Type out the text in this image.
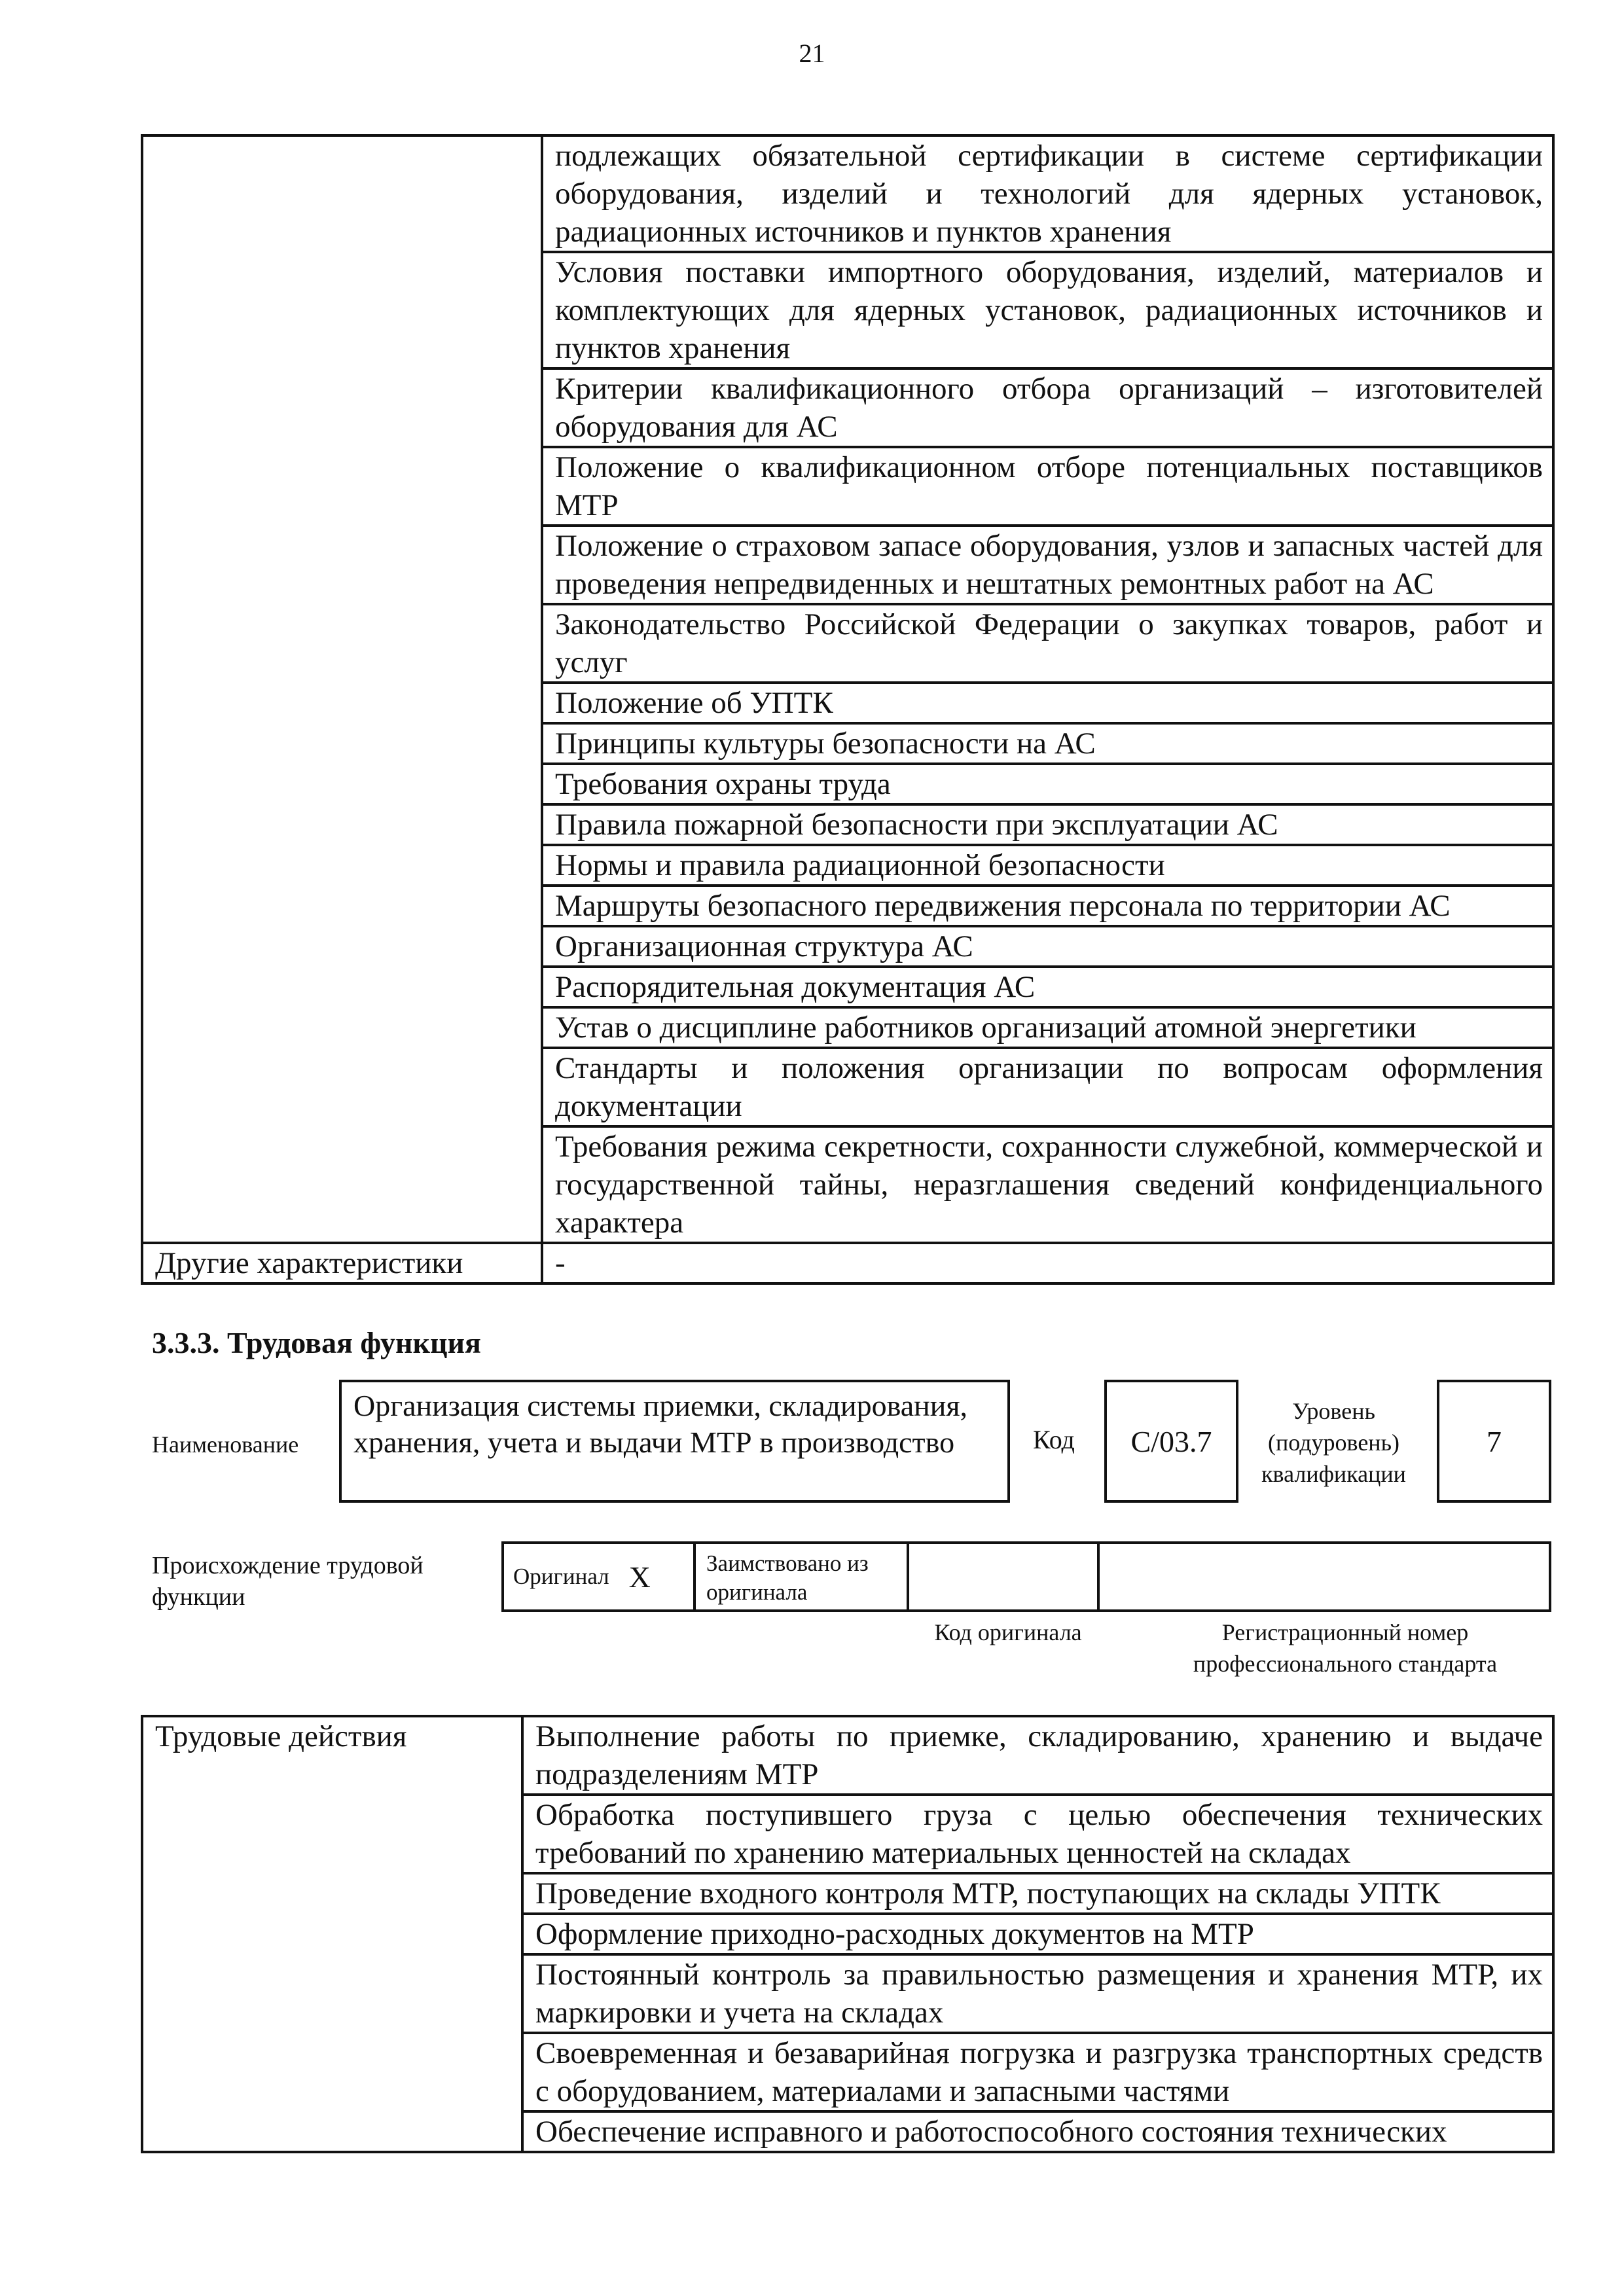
21
	подлежащих обязательной сертификации в системе сертификации оборудования, изделий и технологий для ядерных установок, радиационных источников и пунктов хранения
	Условия поставки импортного оборудования, изделий, материалов и комплектующих для ядерных установок, радиационных источников и пунктов хранения
	Критерии квалификационного отбора организаций – изготовителей оборудования для АС
	Положение о квалификационном отборе потенциальных поставщиков МТР
	Положение о страховом запасе оборудования, узлов и запасных частей для проведения непредвиденных и нештатных ремонтных работ на АС
	Законодательство Российской Федерации о закупках товаров, работ и услуг
	Положение об УПТК
	Принципы культуры безопасности на АС
	Требования охраны труда
	Правила пожарной безопасности при эксплуатации АС
	Нормы и правила радиационной безопасности
	Маршруты безопасного передвижения персонала по территории АС
	Организационная структура АС
	Распорядительная документация АС
	Устав о дисциплине работников организаций атомной энергетики
	Стандарты и положения организации по вопросам оформления документации
	Требования режима секретности, сохранности служебной, коммерческой и государственной тайны, неразглашения сведений конфиденциального характера
Другие характеристики	-
3.3.3. Трудовая функция
Наименование
Организация системы приемки, складирования, хранения, учета и выдачи МТР в производство	Код	С/03.7
Уровень (подуровень) квалификации
7
Происхождение трудовой функции
Оригинал X	Заимствовано из оригинала
Код оригинала	Регистрационный номер профессионального стандарта
Трудовые действия	Выполнение работы по приемке, складированию, хранению и выдаче подразделениям МТР
Обработка поступившего груза с целью обеспечения технических требований по хранению материальных ценностей на складах
Проведение входного контроля МТР, поступающих на склады УПТК
Оформление приходно-расходных документов на МТР
Постоянный контроль за правильностью размещения и хранения МТР, их маркировки и учета на складах
Своевременная и безаварийная погрузка и разгрузка транспортных средств с оборудованием, материалами и запасными частями
Обеспечение исправного и работоспособного состояния технических
